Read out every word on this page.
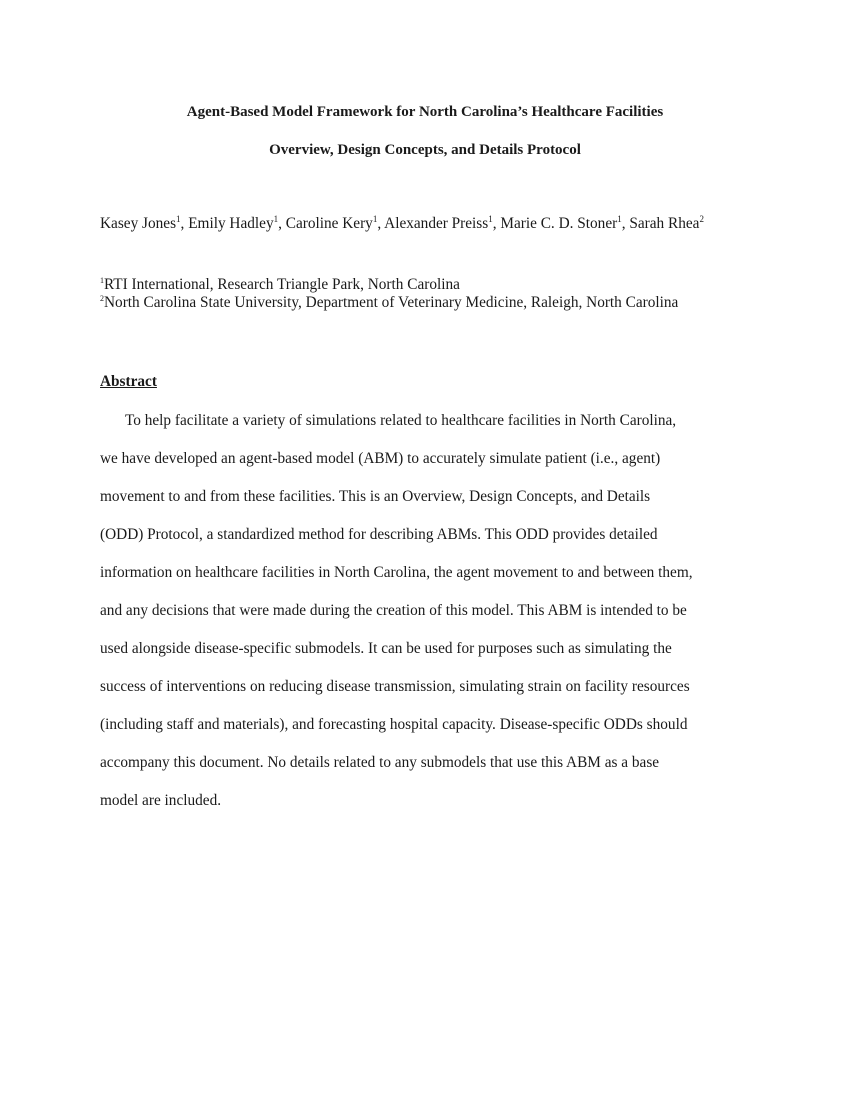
Agent-Based Model Framework for North Carolina’s Healthcare Facilities
Overview, Design Concepts, and Details Protocol

Kasey Jones$^1$, Emily Hadley$^1$, Caroline Kery$^1$, Alexander Preiss$^1$, Marie C. D. Stoner$^1$, Sarah Rhea$^2$

$^1$RTI International, Research Triangle Park, North Carolina

$^2$North Carolina State University, Department of Veterinary Medicine, Raleigh, North Carolina

Abstract
To help facilitate a variety of simulations related to healthcare facilities in North Carolina,
we have developed an agent-based model (ABM) to accurately simulate patient (i.e., agent)
movement to and from these facilities. This is an Overview, Design Concepts, and Details
(ODD) Protocol, a standardized method for describing ABMs. This ODD provides detailed
information on healthcare facilities in North Carolina, the agent movement to and between them,
and any decisions that were made during the creation of this model. This ABM is intended to be
used alongside disease-specific submodels. It can be used for purposes such as simulating the
success of interventions on reducing disease transmission, simulating strain on facility resources
(including staff and materials), and forecasting hospital capacity. Disease-specific ODDs should
accompany this document. No details related to any submodels that use this ABM as a base
model are included.
